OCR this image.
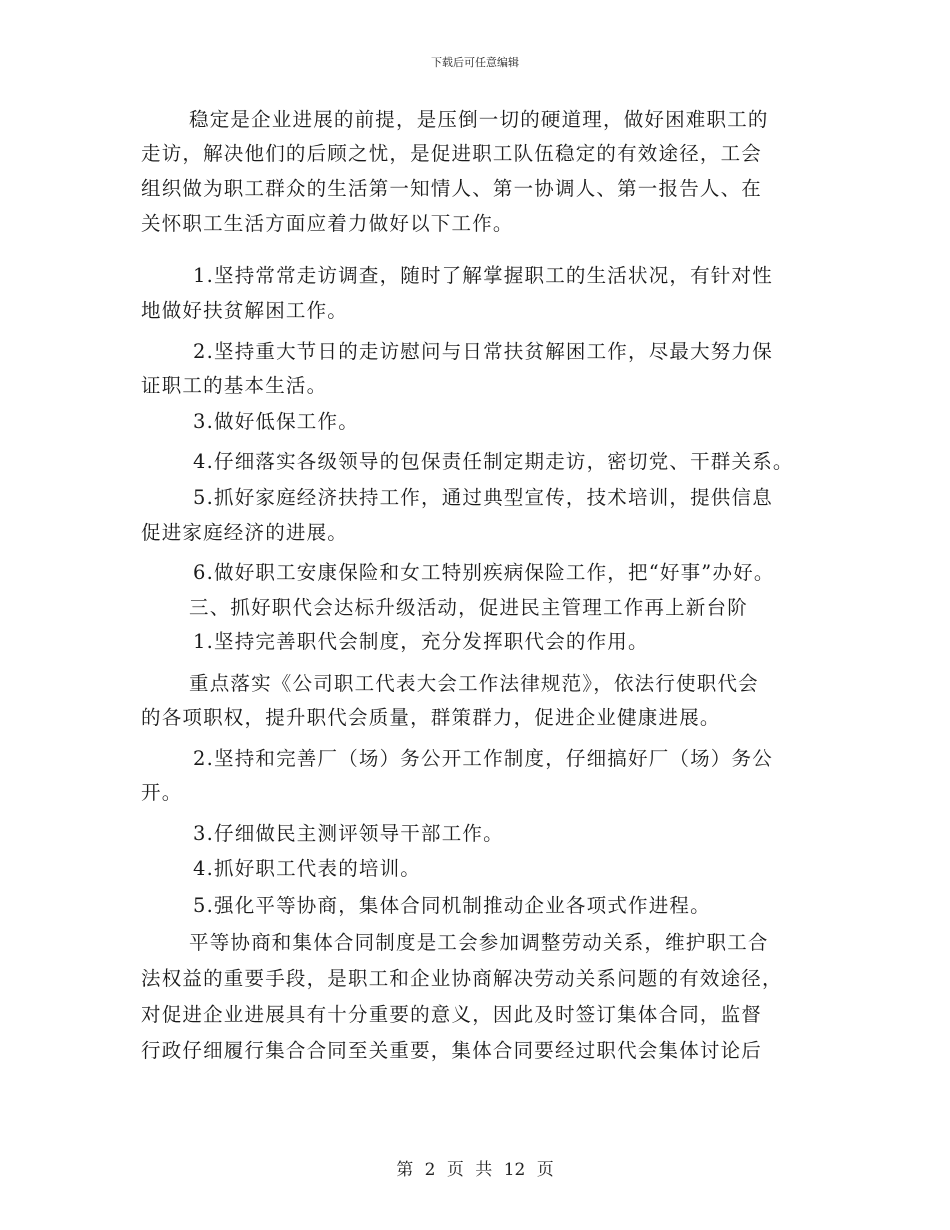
下载后可任意编辑
稳定是企业进展的前提，是压倒一切的硬道理，做好困难职工的
走访，解决他们的后顾之忧，是促进职工队伍稳定的有效途径，工会
组织做为职工群众的生活第一知情人、第一协调人、第一报告人、在
关怀职工生活方面应着力做好以下工作。
1.坚持常常走访调查，随时了解掌握职工的生活状况，有针对性
地做好扶贫解困工作。
2.坚持重大节日的走访慰问与日常扶贫解困工作，尽最大努力保
证职工的基本生活。
3.做好低保工作。
4.仔细落实各级领导的包保责任制定期走访，密切党、干群关系。
5.抓好家庭经济扶持工作，通过典型宣传，技术培训，提供信息
促进家庭经济的进展。
6.做好职工安康保险和女工特别疾病保险工作，把“好事”办好。
三、抓好职代会达标升级活动，促进民主管理工作再上新台阶
1.坚持完善职代会制度，充分发挥职代会的作用。
重点落实《公司职工代表大会工作法律规范》，依法行使职代会
的各项职权，提升职代会质量，群策群力，促进企业健康进展。
2.坚持和完善厂（场）务公开工作制度，仔细搞好厂（场）务公
开。
3.仔细做民主测评领导干部工作。
4.抓好职工代表的培训。
5.强化平等协商，集体合同机制推动企业各项式作进程。
平等协商和集体合同制度是工会参加调整劳动关系，维护职工合
法权益的重要手段，是职工和企业协商解决劳动关系问题的有效途径，
对促进企业进展具有十分重要的意义，因此及时签订集体合同，监督
行政仔细履行集合合同至关重要，集体合同要经过职代会集体讨论后
第 2 页 共 12 页
